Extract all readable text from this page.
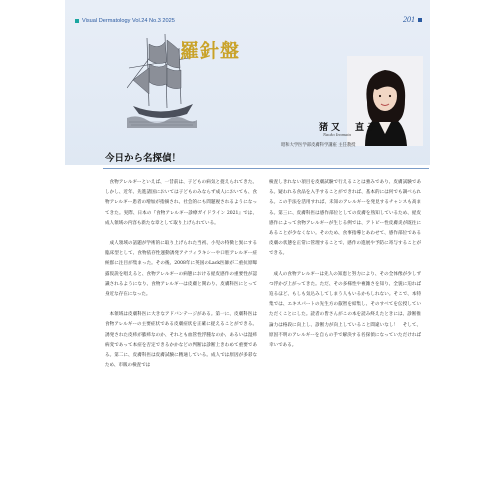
Visual Dermatology Vol.24 No.3 2025	201
羅針盤
猪又　直子
Naoko Inomata
昭和大学医学部皮膚科学講座 主任教授
今日から名探偵！

食物アレルギーといえば、一昔前は、子どもの病気と捉えられてきた。しかし、近年、先進諸国においては子どものみならず成人においても、食物アレルギー患者の増加が指摘され、社会的にも問題視されるようになってきた。実際、日本の『食物アレルギー診療ガイドライン 2021』では、成人領域の内容も新たな章として取り上げられている。

成人領域の話題が学術的に取り上げられた当初、小児の特徴と異にする臨床型として、食物依存性運動誘発アナフィラキシーや口腔アレルギー症候群に注目が集まった。その後、2008年に英国のLack医師が二重抗原曝露仮説を唱えると、食物アレルギーの病態における経皮感作の重要性が認識されるようになり、食物アレルギーは皮膚と関わり、皮膚科医にとって身近な存在になった。

本領域は皮膚科医に大きなアドバンテージがある。第一に、皮膚科医は食物アレルギーの主要症状である皮膚症状を正確に捉えることができる。誘発された皮疹が膨疹なのか、それとも血管性浮腫なのか、あるいは湿疹病変であって本症を否定できるかかなどの判断は診断上きわめて重要である。第二に、皮膚科医は皮膚試験に精通している。成人では原因が多彩なため、市販の検査では

検査しきれない項目を皮膚試験で行えることは強みであり、皮膚試験である。疑われる食品を入手することができれば、基本的には何でも調べられる。この手法を活用すれば、未知のアレルギーを発見するチャンスも高まる。第三に、皮膚科医は感作部位としての皮膚を熟知しているため、経皮感作によって食物アレルギーが生じる例では、アトピー性皮膚炎が既往にあることが少なくない。そのため、食事指導とあわせて、感作部位である皮膚の状態を正常に管理することで、感作の進展や予防に寄与することができる。

成人の食物アレルギーは先人の知恵と努力により、その全体像が少しずつ浮かび上がってきた。ただ、その多様性や複雑さを知り、全貌に迫れば迫るほど、もしも気込みしてしまう人もいるかもしれない。そこで、本特集では、エキスパートの先生方の叡智を結集し、そのすべてを伝授していただくことにした。読者の皆さんがこの本を読み終えたときには、診断推論力は格段に向上し、診断力が向上していること間違いなし！　そして、原因不明のアレルギーを自らの手で解決する名探偵になっていただければ幸いである。
